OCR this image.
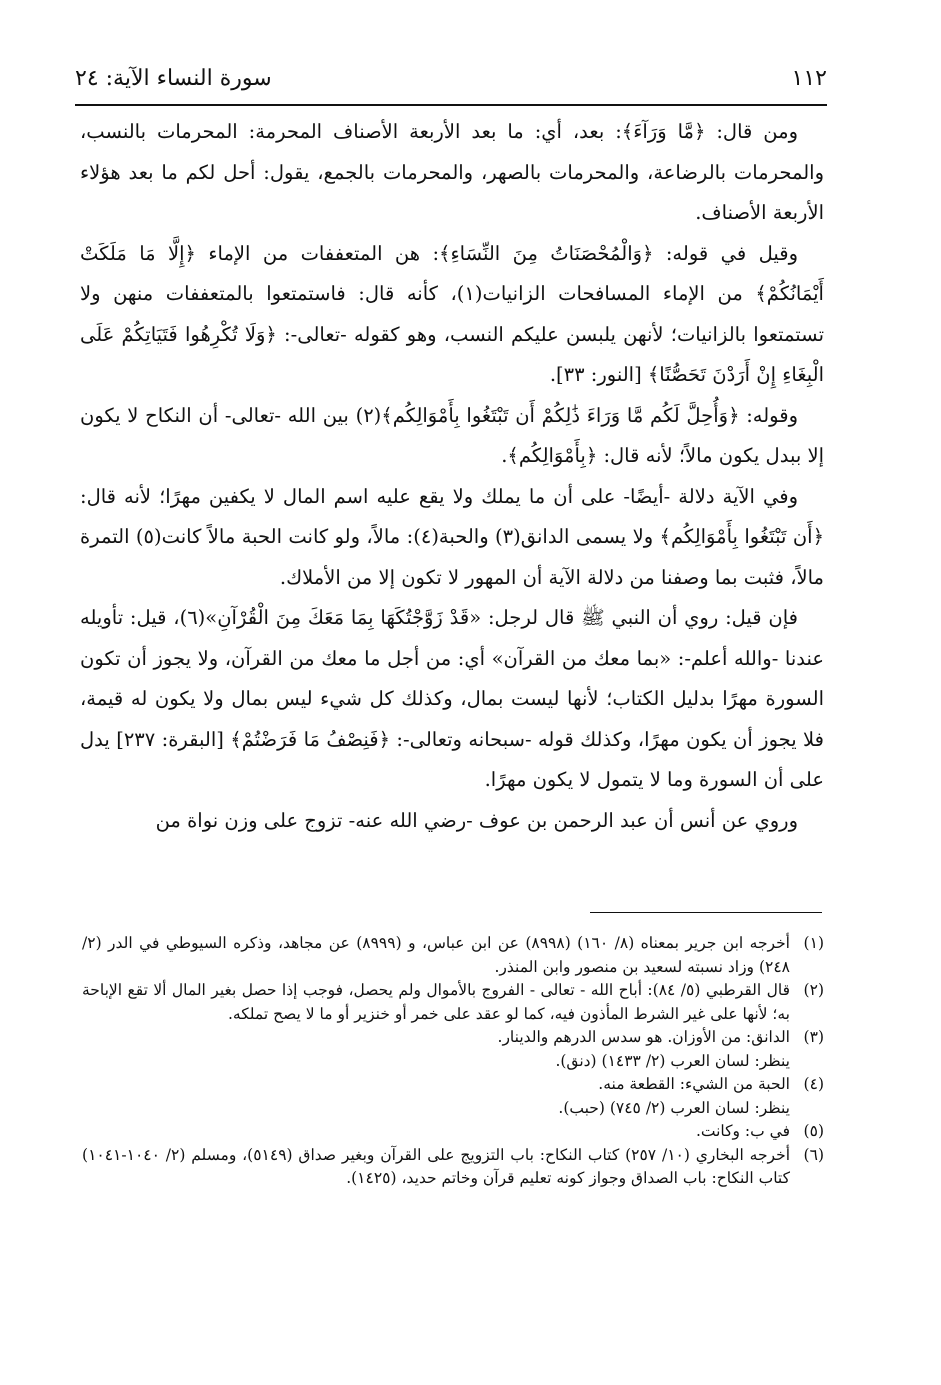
١١٢
سورة النساء الآية: ٢٤

ومن قال: ﴿مَّا وَرَآءَ﴾: بعد، أي: ما بعد الأربعة الأصناف المحرمة: المحرمات بالنسب، والمحرمات بالرضاعة، والمحرمات بالصهر، والمحرمات بالجمع، يقول: أحل لكم ما بعد هؤلاء الأربعة الأصناف.

وقيل في قوله: ﴿وَالْمُحْصَنَاتُ مِنَ النِّسَاءِ﴾: هن المتعففات من الإماء ﴿إِلَّا مَا مَلَكَتْ أَيْمَانُكُمْ﴾ من الإماء المسافحات الزانيات(١)، كأنه قال: فاستمتعوا بالمتعففات منهن ولا تستمتعوا بالزانيات؛ لأنهن يلبسن عليكم النسب، وهو كقوله -تعالى-: ﴿وَلَا تُكْرِهُوا فَتَيَاتِكُمْ عَلَى الْبِغَاءِ إِنْ أَرَدْنَ تَحَصُّنًا﴾ [النور: ٣٣].

وقوله: ﴿وَأُحِلَّ لَكُم مَّا وَرَاءَ ذَٰلِكُمْ أَن تَبْتَغُوا بِأَمْوَالِكُم﴾(٢) بين الله -تعالى- أن النكاح لا يكون إلا ببدل يكون مالاً؛ لأنه قال: ﴿بِأَمْوَالِكُم﴾.

وفي الآية دلالة -أيضًا- على أن ما يملك ولا يقع عليه اسم المال لا يكفين مهرًا؛ لأنه قال: ﴿أَن تَبْتَغُوا بِأَمْوَالِكُم﴾ ولا يسمى الدانق(٣) والحبة(٤): مالاً، ولو كانت الحبة مالاً كانت(٥) التمرة مالاً، فثبت بما وصفنا من دلالة الآية أن المهور لا تكون إلا من الأملاك.

فإن قيل: روي أن النبي ﷺ قال لرجل: «قَدْ زَوَّجْتُكَهَا بِمَا مَعَكَ مِنَ الْقُرْآنِ»(٦)، قيل: تأويله عندنا -والله أعلم-: «بما معك من القرآن» أي: من أجل ما معك من القرآن، ولا يجوز أن تكون السورة مهرًا بدليل الكتاب؛ لأنها ليست بمال، وكذلك كل شيء ليس بمال ولا يكون له قيمة، فلا يجوز أن يكون مهرًا، وكذلك قوله -سبحانه وتعالى-: ﴿فَنِصْفُ مَا فَرَضْتُمْ﴾ [البقرة: ٢٣٧] يدل على أن السورة وما لا يتمول لا يكون مهرًا.

وروي عن أنس أن عبد الرحمن بن عوف -رضي الله عنه- تزوج على وزن نواة من

(١)
أخرجه ابن جرير بمعناه (٨/ ١٦٠) (٨٩٩٨) عن ابن عباس، و (٨٩٩٩) عن مجاهد، وذكره السيوطي في الدر (٢/ ٢٤٨) وزاد نسبته لسعيد بن منصور وابن المنذر.
(٢)
قال القرطبي (٥/ ٨٤): أباح الله - تعالى - الفروج بالأموال ولم يحصل، فوجب إذا حصل بغير المال ألا تقع الإباحة به؛ لأنها على غير الشرط المأذون فيه، كما لو عقد على خمر أو خنزير أو ما لا يصح تملكه.
(٣)
الدانق: من الأوزان. هو سدس الدرهم والدينار.
ينظر: لسان العرب (٢/ ١٤٣٣) (دنق).
(٤)
الحبة من الشيء: القطعة منه.
ينظر: لسان العرب (٢/ ٧٤٥) (حبب).
(٥)
في ب: وكانت.
(٦)
أخرجه البخاري (١٠/ ٢٥٧) كتاب النكاح: باب التزويج على القرآن وبغير صداق (٥١٤٩)، ومسلم (٢/ ١٠٤٠-١٠٤١) كتاب النكاح: باب الصداق وجواز كونه تعليم قرآن وخاتم حديد، (١٤٢٥).
